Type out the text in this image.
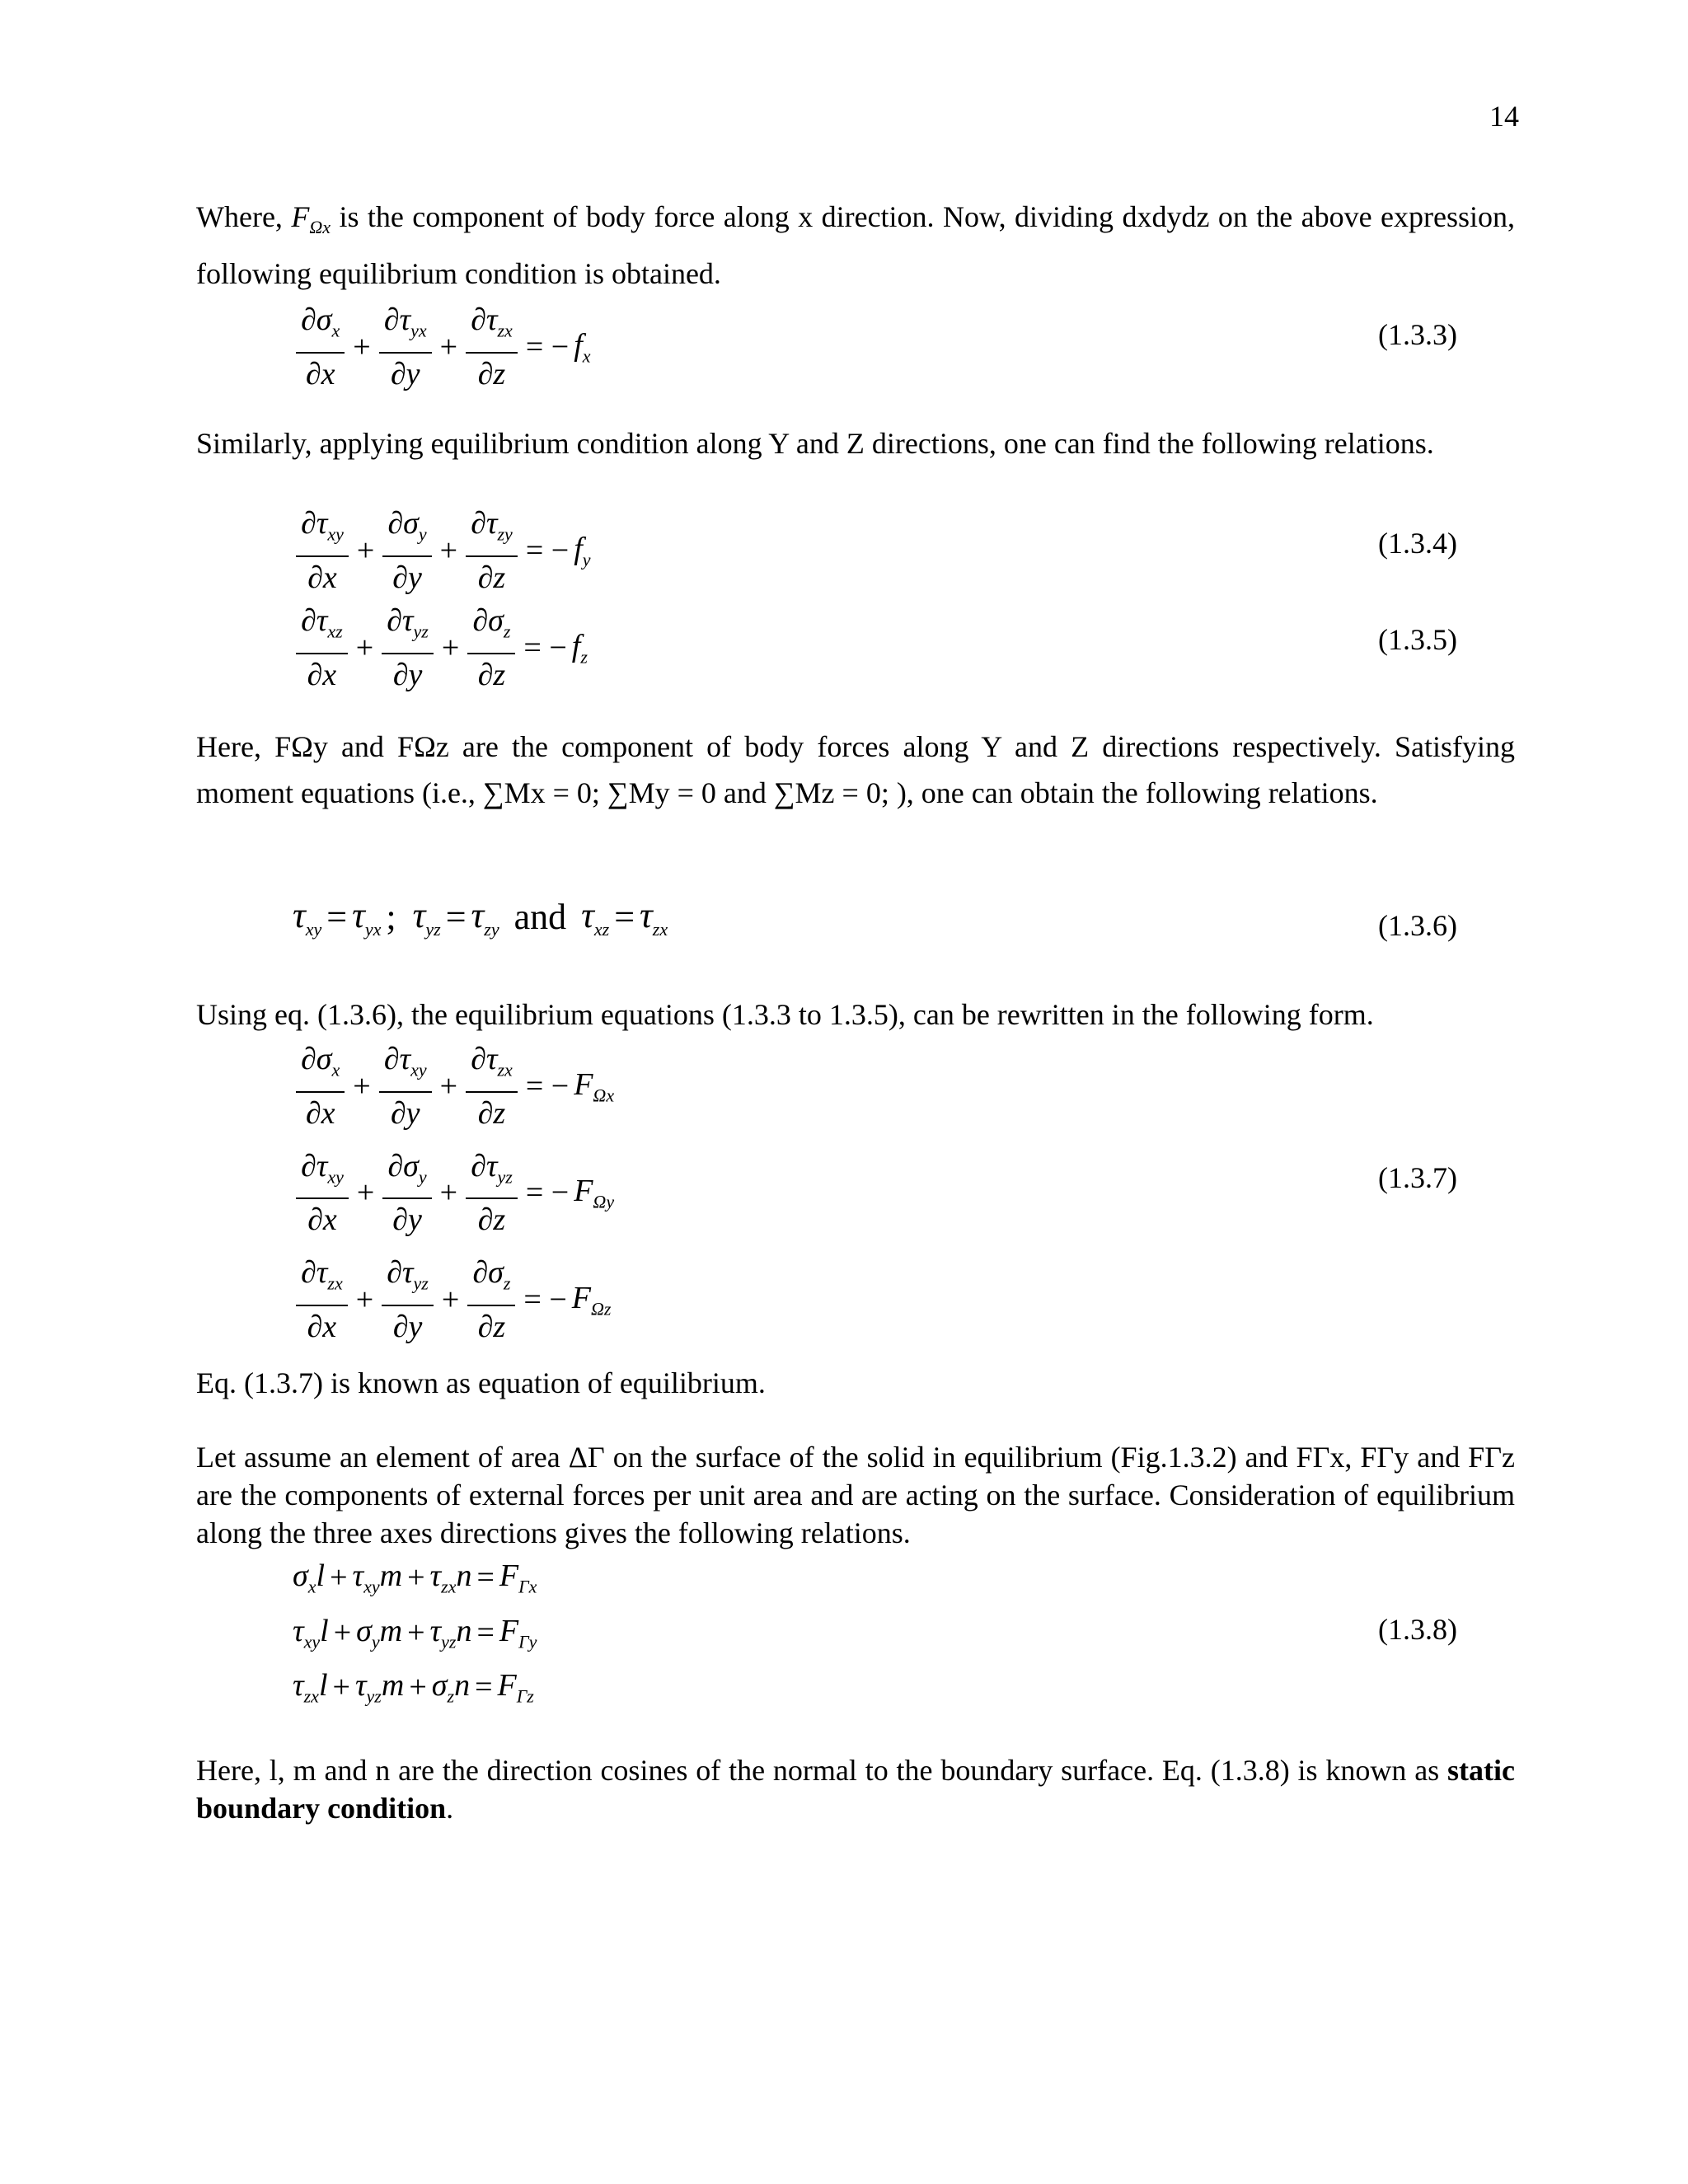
14
Where, $F_{\Omega x}$ is the component of body force along x direction. Now, dividing dxdydz on the above expression, following equilibrium condition is obtained.
$\frac{\partial\sigma_x}{\partial x} + \frac{\partial\tau_{yx}}{\partial y} + \frac{\partial\tau_{zx}}{\partial z}$ = − $f_x$
(1.3.3)
Similarly, applying equilibrium condition along Y and Z directions, one can find the following relations.
$\frac{\partial\tau_{xy}}{\partial x} + \frac{\partial\sigma_y}{\partial y} + \frac{\partial\tau_{zy}}{\partial z}$ = − $f_y$	(1.3.4)
$\frac{\partial\tau_{xz}}{\partial x} + \frac{\partial\tau_{yz}}{\partial y} + \frac{\partial\sigma_z}{\partial z}$ = − $f_z$
(1.3.5)
Here, FΩy and FΩz are the component of body forces along Y and Z directions respectively. Satisfying moment equations (i.e., ∑Mx = 0; ∑My = 0 and ∑Mz = 0; ), one can obtain the following relations.
$\tau_{xy} = \tau_{yx}$ ; $\tau_{yz} = \tau_{zy}$ and $\tau_{xz} = \tau_{zx}$	(1.3.6)
Using eq. (1.3.6), the equilibrium equations (1.3.3 to 1.3.5), can be rewritten in the following form.
$\frac{\partial\sigma_x}{\partial x} + \frac{\partial\tau_{xy}}{\partial y} + \frac{\partial\tau_{zx}}{\partial z}$ = − $F_{\Omega x}$
$\frac{\partial\tau_{xy}}{\partial x} + \frac{\partial\sigma_y}{\partial y} + \frac{\partial\tau_{yz}}{\partial z}$ = − $F_{\Omega y}$
$\frac{\partial\tau_{zx}}{\partial x} + \frac{\partial\tau_{yz}}{\partial y} + \frac{\partial\sigma_z}{\partial z}$ = − $F_{\Omega z}$
(1.3.7)
Eq. (1.3.7) is known as equation of equilibrium.
Let assume an element of area ΔΓ on the surface of the solid in equilibrium (Fig.1.3.2) and FΓx, FΓy and FΓz are the components of external forces per unit area and are acting on the surface. Consideration of equilibrium along the three axes directions gives the following relations.
$\sigma_xl + \tau_{xy}m + \tau_{zx}n = F_{\Gamma x}$
$\tau_{xy}l + \sigma_ym + \tau_{yz}n = F_{\Gamma y}$
$\tau_{zx}l + \tau_{yz}m + \sigma_zn = F_{\Gamma z}$
(1.3.8)
Here, l, m and n are the direction cosines of the normal to the boundary surface. Eq. (1.3.8) is known as static boundary condition.
